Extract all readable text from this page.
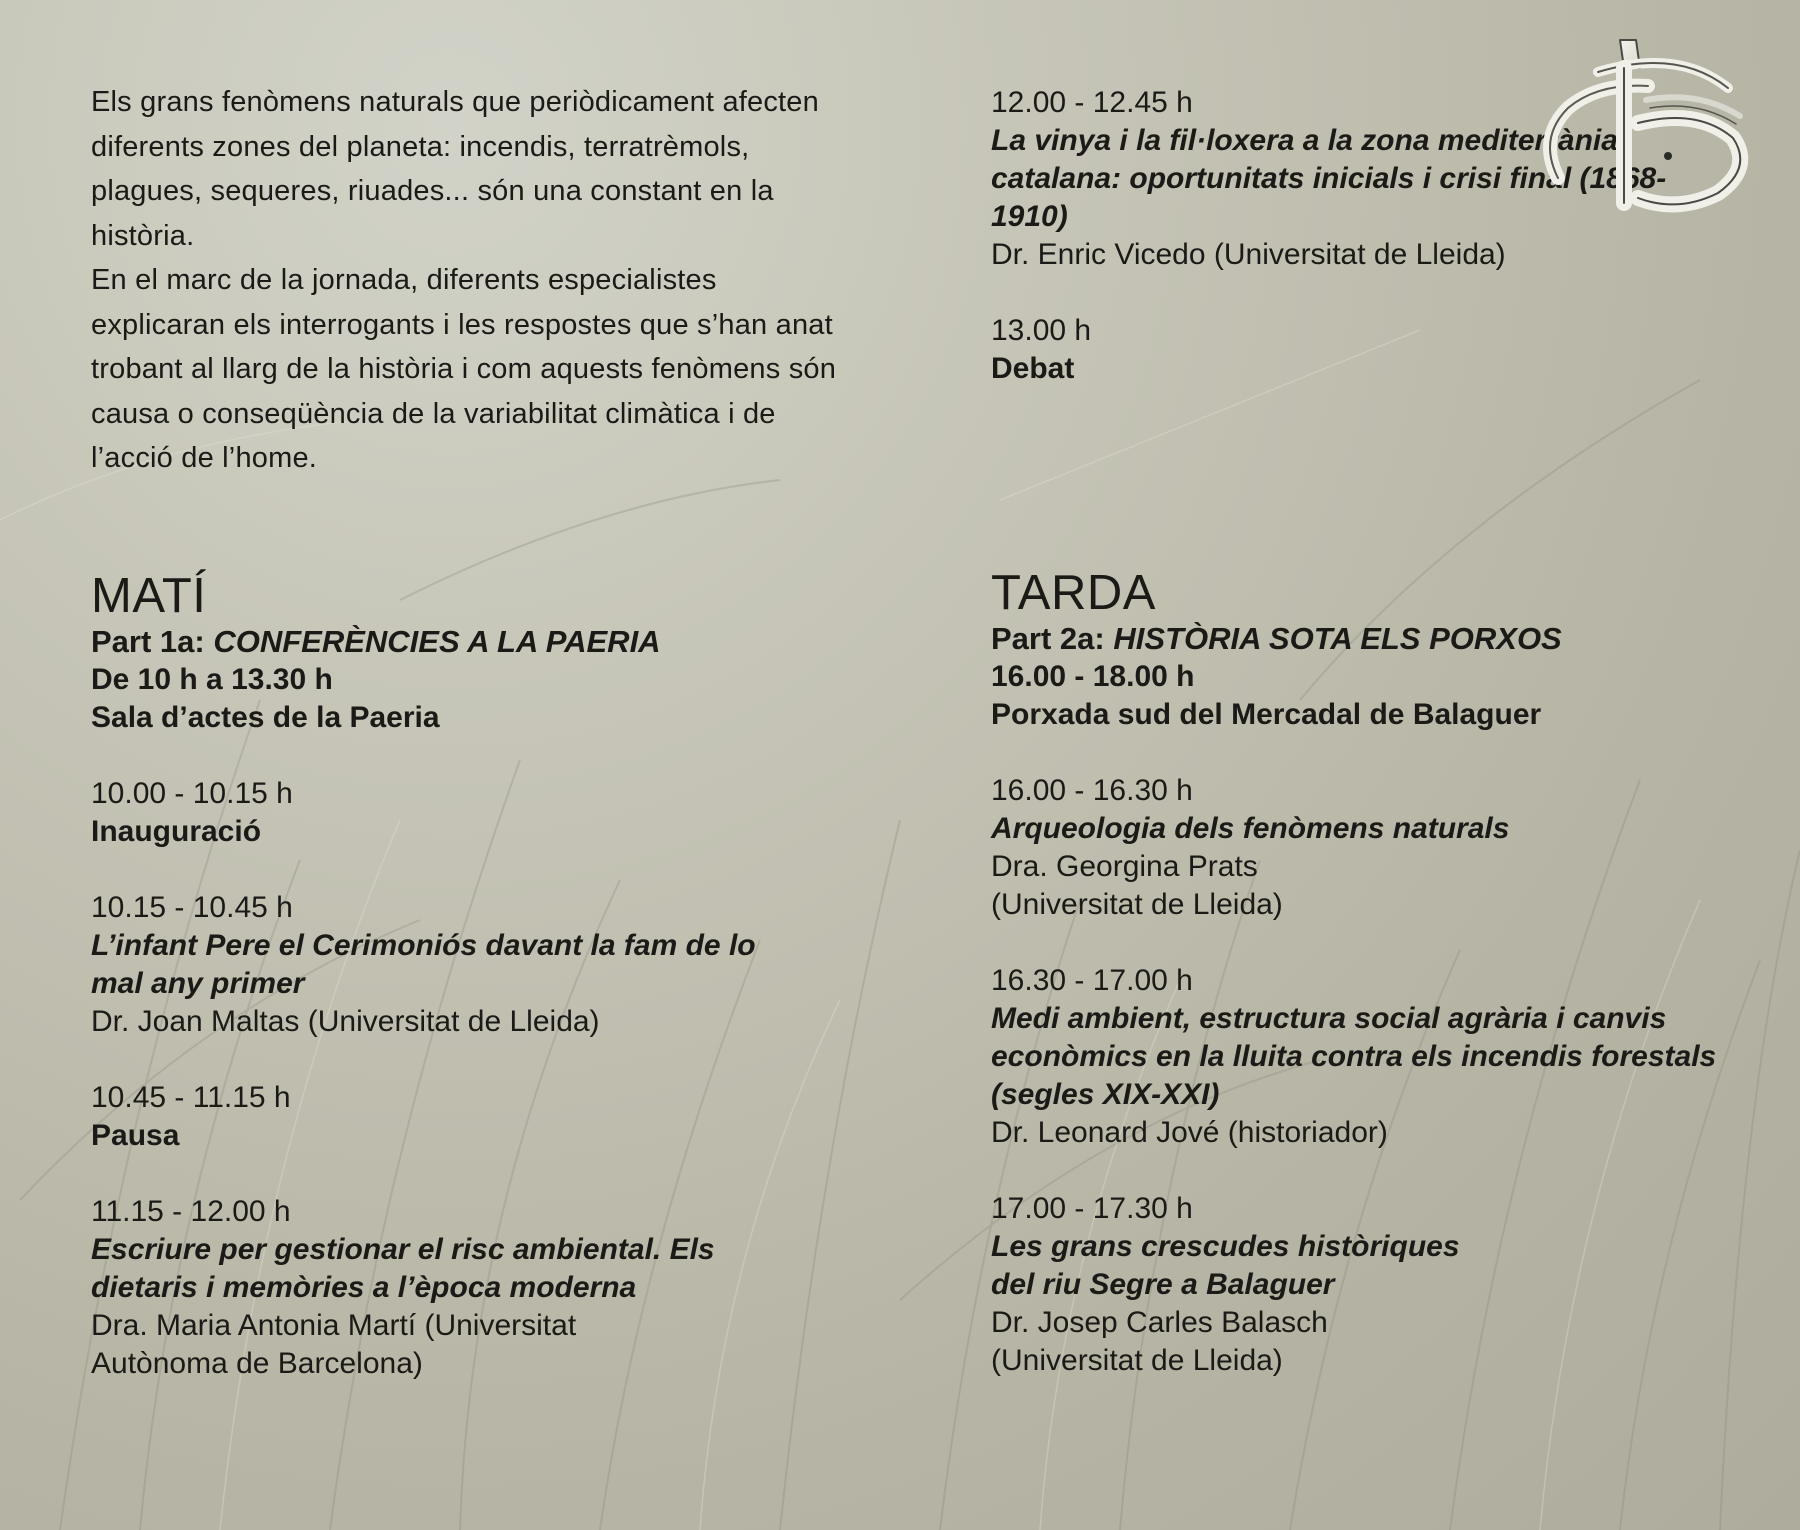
Els grans fenòmens naturals que periòdicament afecten diferents zones del planeta: incendis, terratrèmols, plagues, sequeres, riuades... són una constant en la història.

En el marc de la jornada, diferents especialistes explicaran els interrogants i les respostes que s’han anat trobant al llarg de la història i com aquests fenòmens són causa o conseqüència de la variabilitat climàtica i de l’acció de l’home.

MATÍ
Part 1a: CONFERÈNCIES A LA PAERIA
De 10 h a 13.30 h
Sala d’actes de la Paeria
10.00 - 10.15 h
Inauguració
10.15 - 10.45 h
L’infant Pere el Cerimoniós davant la fam de lo mal any primer
Dr. Joan Maltas (Universitat de Lleida)
10.45 - 11.15 h
Pausa
11.15 - 12.00 h
Escriure per gestionar el risc ambiental. Els dietaris i memòries a l’època moderna
Dra. Maria Antonia Martí (Universitat Autònoma de Barcelona)
12.00 - 12.45 h
La vinya i la fil·loxera a la zona mediterrània catalana: oportunitats inicials i crisi final (1868-1910)
Dr. Enric Vicedo (Universitat de Lleida)
13.00 h
Debat
TARDA
Part 2a: HISTÒRIA SOTA ELS PORXOS
16.00 - 18.00 h
Porxada sud del Mercadal de Balaguer
16.00 - 16.30 h
Arqueologia dels fenòmens naturals
Dra. Georgina Prats
(Universitat de Lleida)
16.30 - 17.00 h
Medi ambient, estructura social agrària i canvis econòmics en la lluita contra els incendis forestals (segles XIX-XXI)
Dr. Leonard Jové (historiador)
17.00 - 17.30 h
Les grans crescudes històriques
del riu Segre a Balaguer
Dr. Josep Carles Balasch
(Universitat de Lleida)
